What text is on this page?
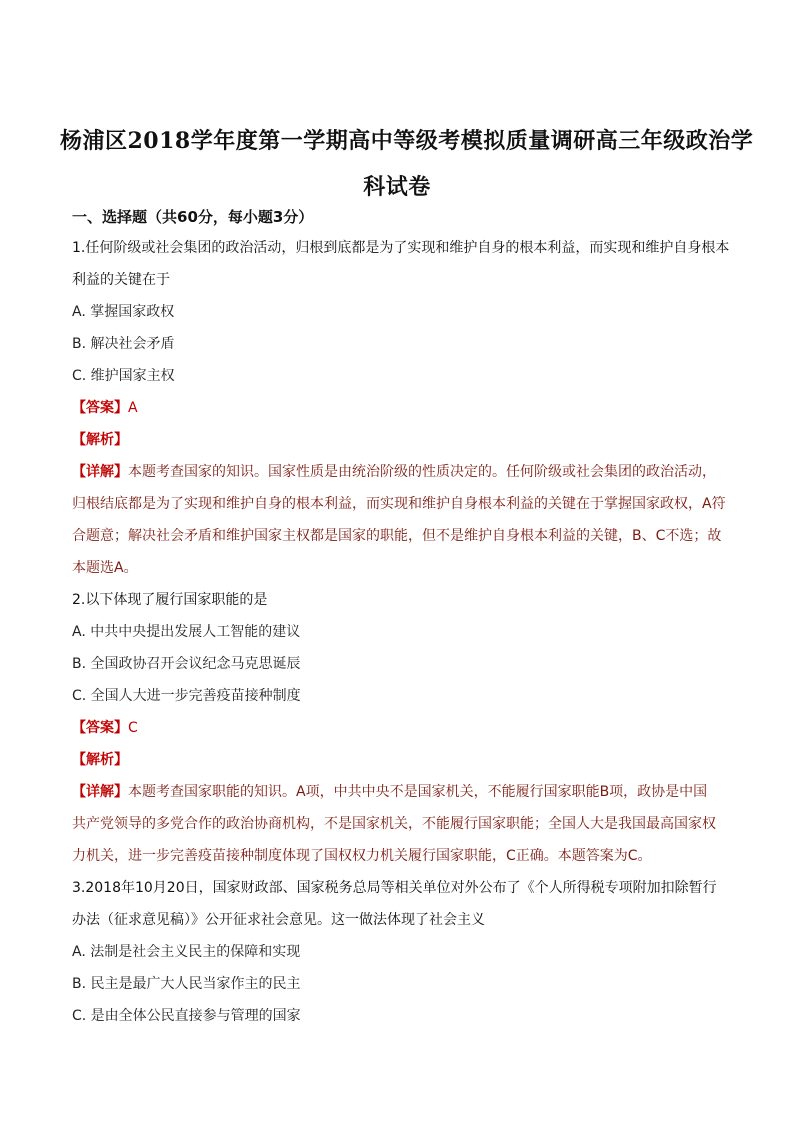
杨浦区2018学年度第一学期高中等级考模拟质量调研高三年级政治学
科试卷
一、选择题（共60分，每小题3分）
1.任何阶级或社会集团的政治活动，归根到底都是为了实现和维护自身的根本利益，而实现和维护自身根本
利益的关键在于
A. 掌握国家政权
B. 解决社会矛盾
C. 维护国家主权
【答案】A
【解析】
【详解】本题考查国家的知识。国家性质是由统治阶级的性质决定的。任何阶级或社会集团的政治活动，
归根结底都是为了实现和维护自身的根本利益，而实现和维护自身根本利益的关键在于掌握国家政权，A符
合题意；解决社会矛盾和维护国家主权都是国家的职能，但不是维护自身根本利益的关键，B、C不选；故
本题选A。
2.以下体现了履行国家职能的是
A. 中共中央提出发展人工智能的建议
B. 全国政协召开会议纪念马克思诞辰
C. 全国人大进一步完善疫苗接种制度
【答案】C
【解析】
【详解】本题考查国家职能的知识。A项，中共中央不是国家机关，不能履行国家职能B项，政协是中国
共产党领导的多党合作的政治协商机构，不是国家机关，不能履行国家职能；全国人大是我国最高国家权
力机关，进一步完善疫苗接种制度体现了国权权力机关履行国家职能，C正确。本题答案为C。
3.2018年10月20日，国家财政部、国家税务总局等相关单位对外公布了《个人所得税专项附加扣除暂行
办法（征求意见稿）》公开征求社会意见。这一做法体现了社会主义
A. 法制是社会主义民主的保障和实现
B. 民主是最广大人民当家作主的民主
C. 是由全体公民直接参与管理的国家
